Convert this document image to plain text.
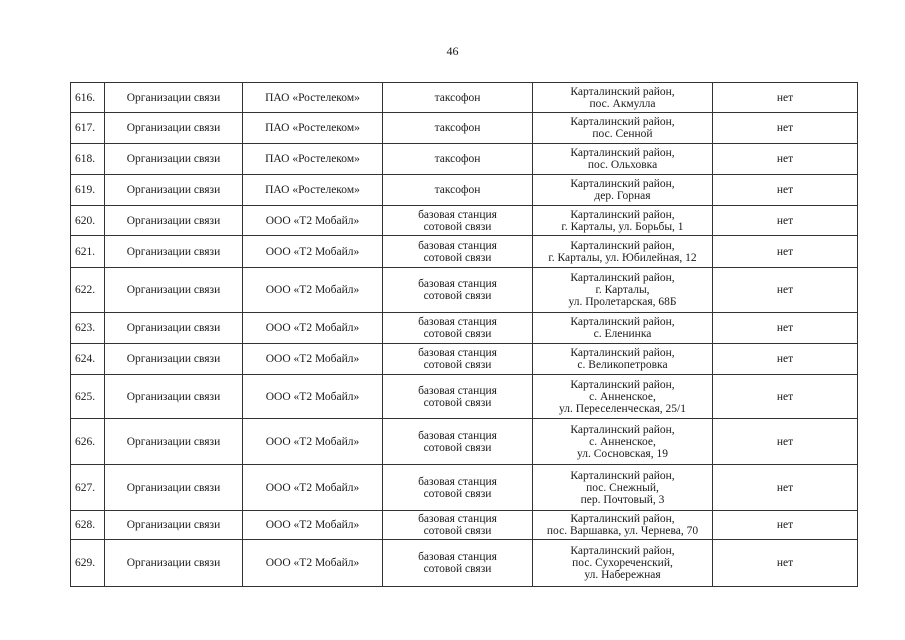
46
616.	Организации связи	ПАО «Ростелеком»	таксофон	Карталинский район,
пос. Акмулла	нет
617.	Организации связи	ПАО «Ростелеком»	таксофон	Карталинский район,
пос. Сенной	нет
618.	Организации связи	ПАО «Ростелеком»	таксофон	Карталинский район,
пос. Ольховка	нет
619.	Организации связи	ПАО «Ростелеком»	таксофон	Карталинский район,
дер. Горная	нет
620.	Организации связи	ООО «Т2 Мобайл»	базовая станция
сотовой связи	Карталинский район,
г. Карталы, ул. Борьбы, 1	нет
621.	Организации связи	ООО «Т2 Мобайл»	базовая станция
сотовой связи	Карталинский район,
г. Карталы, ул. Юбилейная, 12	нет
622.	Организации связи	ООО «Т2 Мобайл»	базовая станция
сотовой связи	Карталинский район,
г. Карталы,
ул. Пролетарская, 68Б	нет
623.	Организации связи	ООО «Т2 Мобайл»	базовая станция
сотовой связи	Карталинский район,
с. Еленинка	нет
624.	Организации связи	ООО «Т2 Мобайл»	базовая станция
сотовой связи	Карталинский район,
с. Великопетровка	нет
625.	Организации связи	ООО «Т2 Мобайл»	базовая станция
сотовой связи	Карталинский район,
с. Анненское,
ул. Переселенческая, 25/1	нет
626.	Организации связи	ООО «Т2 Мобайл»	базовая станция
сотовой связи	Карталинский район,
с. Анненское,
ул. Сосновская, 19	нет
627.	Организации связи	ООО «Т2 Мобайл»	базовая станция
сотовой связи	Карталинский район,
пос. Снежный,
пер. Почтовый, 3	нет
628.	Организации связи	ООО «Т2 Мобайл»	базовая станция
сотовой связи	Карталинский район,
пос. Варшавка, ул. Чернева, 70	нет
629.	Организации связи	ООО «Т2 Мобайл»	базовая станция
сотовой связи	Карталинский район,
пос. Сухореченский,
ул. Набережная	нет
